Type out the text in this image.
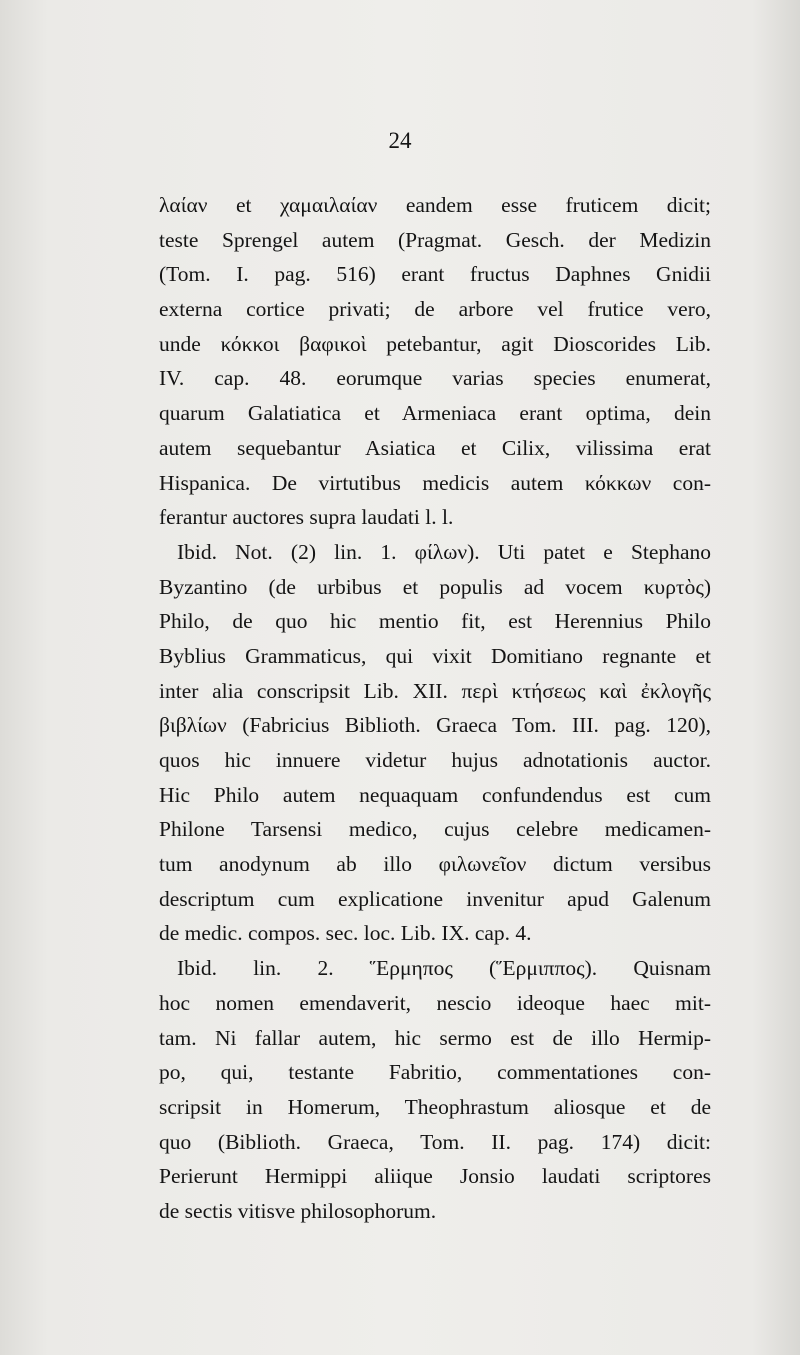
24
λαίαν et χαμαιλαίαν eandem esse fruticem dicit;
teste Sprengel autem (Pragmat. Gesch. der Medizin
(Tom. I. pag. 516) erant fructus Daphnes Gnidii
externa cortice privati; de arbore vel frutice vero,
unde κόκκοι βαφικοὶ petebantur, agit Dioscorides Lib.
IV. cap. 48. eorumque varias species enumerat,
quarum Galatiatica et Armeniaca erant optima, dein
autem sequebantur Asiatica et Cilix, vilissima erat
Hispanica. De virtutibus medicis autem κόκκων con-
ferantur auctores supra laudati l. l.
Ibid. Not. (2) lin. 1. φίλων). Uti patet e Stephano
Byzantino (de urbibus et populis ad vocem κυρτὸς)
Philo, de quo hic mentio fit, est Herennius Philo
Byblius Grammaticus, qui vixit Domitiano regnante et
inter alia conscripsit Lib. XII. περὶ κτήσεως καὶ ἐκλογῆς
βιβλίων (Fabricius Biblioth. Graeca Tom. III. pag. 120),
quos hic innuere videtur hujus adnotationis auctor.
Hic Philo autem nequaquam confundendus est cum
Philone Tarsensi medico, cujus celebre medicamen-
tum anodynum ab illo φιλωνεῖον dictum versibus
descriptum cum explicatione invenitur apud Galenum
de medic. compos. sec. loc. Lib. IX. cap. 4.
Ibid. lin. 2. Ἕρμηπος (Ἕρμιππος). Quisnam
hoc nomen emendaverit, nescio ideoque haec mit-
tam. Ni fallar autem, hic sermo est de illo Hermip-
po, qui, testante Fabritio, commentationes con-
scripsit in Homerum, Theophrastum aliosque et de
quo (Biblioth. Graeca, Tom. II. pag. 174) dicit:
Perierunt Hermippi aliique Jonsio laudati scriptores
de sectis vitisve philosophorum.
